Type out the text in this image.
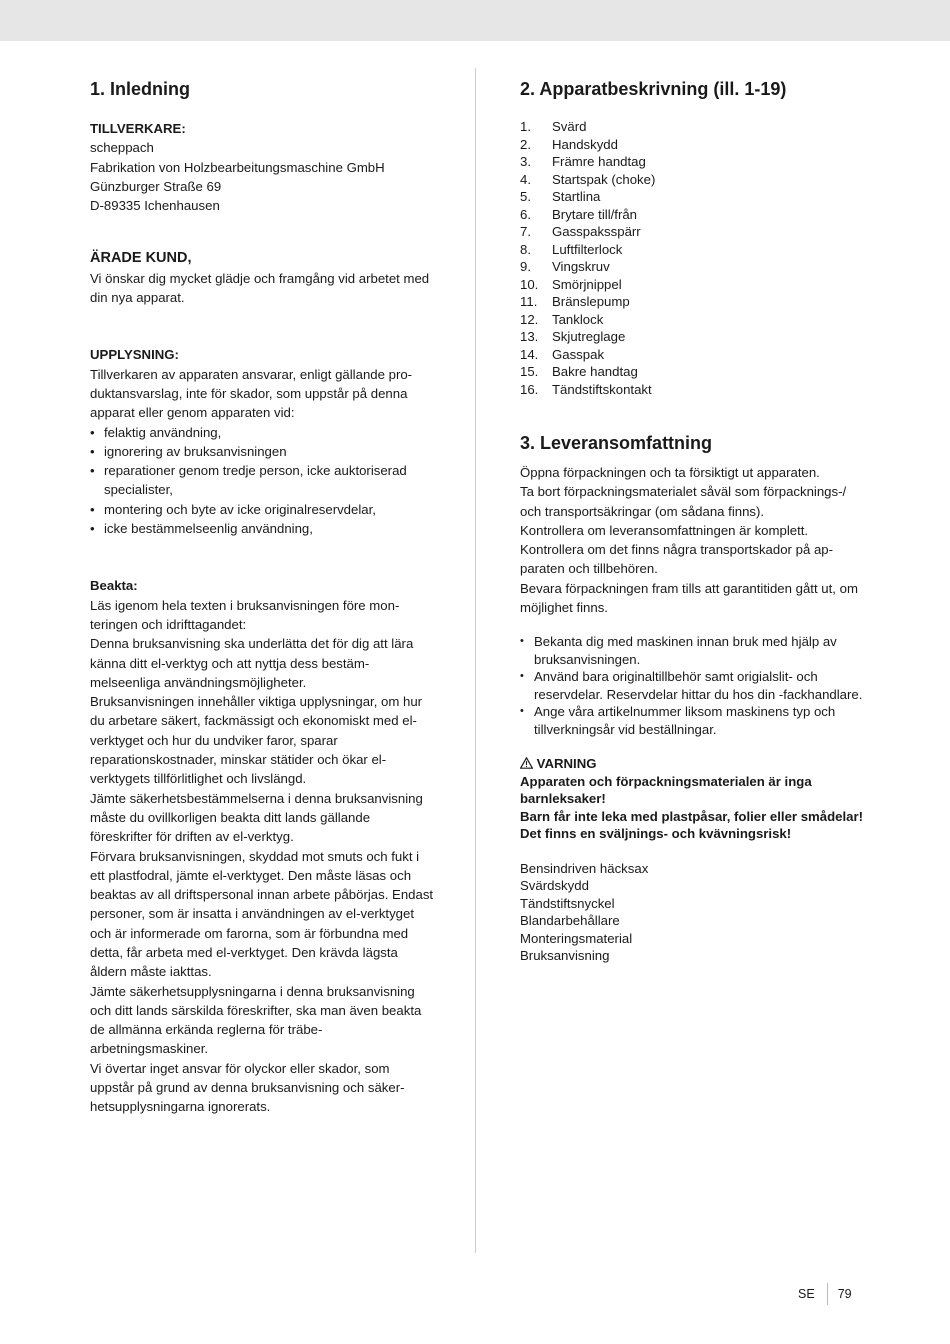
1. Inledning

TILLVERKARE:

scheppach

Fabrikation von Holzbearbeitungsmaschine GmbH

Günzburger Straße 69

D-89335 Ichenhausen

ÄRADE KUND,

Vi önskar dig mycket glädje och framgång vid arbetet med din nya apparat.

UPPLYSNING:

Tillverkaren av apparaten ansvarar, enligt gällande produktansvarslag, inte för skador, som uppstår på denna apparat eller genom apparaten vid:

• felaktig användning,
• ignorering av bruksanvisningen
• reparationer genom tredje person, icke auktoriserad specialister,
• montering och byte av icke originalreservdelar,
• icke bestämmelseenlig användning,

Beakta:

Läs igenom hela texten i bruksanvisningen före monteringen och idrifttagandet:

Denna bruksanvisning ska underlätta det för dig att lära känna ditt el-verktyg och att nyttja dess bestämmelseenliga användningsmöjligheter.

Bruksanvisningen innehåller viktiga upplysningar, om hur du arbetare säkert, fackmässigt och ekonomiskt med el-verktyget och hur du undviker faror, sparar reparationskostnader, minskar stätider och ökar elverktygets tillförlitlighet och livslängd.

Jämte säkerhetsbestämmelserna i denna bruksanvisning måste du ovillkorligen beakta ditt lands gällande föreskrifter för driften av el-verktyg.

Förvara bruksanvisningen, skyddad mot smuts och fukt i ett plastfodral, jämte el-verktyget. Den måste läsas och beaktas av all driftspersonal innan arbete påbörjas. Endast personer, som är insatta i användningen av el-verktyget och är informerade om farorna, som är förbundna med detta, får arbeta med el-verktyget. Den krävda lägsta åldern måste iakttas.

Jämte säkerhetsupplysningarna i denna bruksanvisning och ditt lands särskilda föreskrifter, ska man även beakta de allmänna erkända reglerna för träbearbetningsmaskiner.

Vi övertar inget ansvar för olyckor eller skador, som uppstår på grund av denna bruksanvisning och säkerhetsupplysningarna ignorerats.

2. Apparatbeskrivning (ill. 1-19)
1.	Svärd
2.	Handskydd
3.	Främre handtag
4.	Startspak (choke)
5.	Startlina
6.	Brytare till/från
7.	Gasspaksspärr
8.	Luftfilterlock
9.	Vingskruv
10.	Smörjnippel
11.	Bränslepump
12.	Tanklock
13.	Skjutreglage
14.	Gasspak
15.	Bakre handtag
16.	Tändstiftskontakt
3. Leveransomfattning

Öppna förpackningen och ta försiktigt ut apparaten.

Ta bort förpackningsmaterialet såväl som förpacknings-/ och transportsäkringar (om sådana finns).

Kontrollera om leveransomfattningen är komplett.

Kontrollera om det finns några transportskador på apparaten och tillbehören.

Bevara förpackningen fram tills att garantitiden gått ut, om möjlighet finns.

• Bekanta dig med maskinen innan bruk med hjälp av bruksanvisningen.
• Använd bara originaltillbehör samt origialslit- och reservdelar. Reservdelar hittar du hos din -fackhandlare.
• Ange våra artikelnummer liksom maskinens typ och tillverkningsår vid beställningar.

VARNING

Apparaten och förpackningsmaterialen är inga barnleksaker!

Barn får inte leka med plastpåsar, folier eller smådelar! Det finns en sväljnings- och kvävningsrisk!

Bensindriven häcksax

Svärdskydd

Tändstiftsnyckel

Blandarbehållare

Monteringsmaterial

Bruksanvisning

SE 79
